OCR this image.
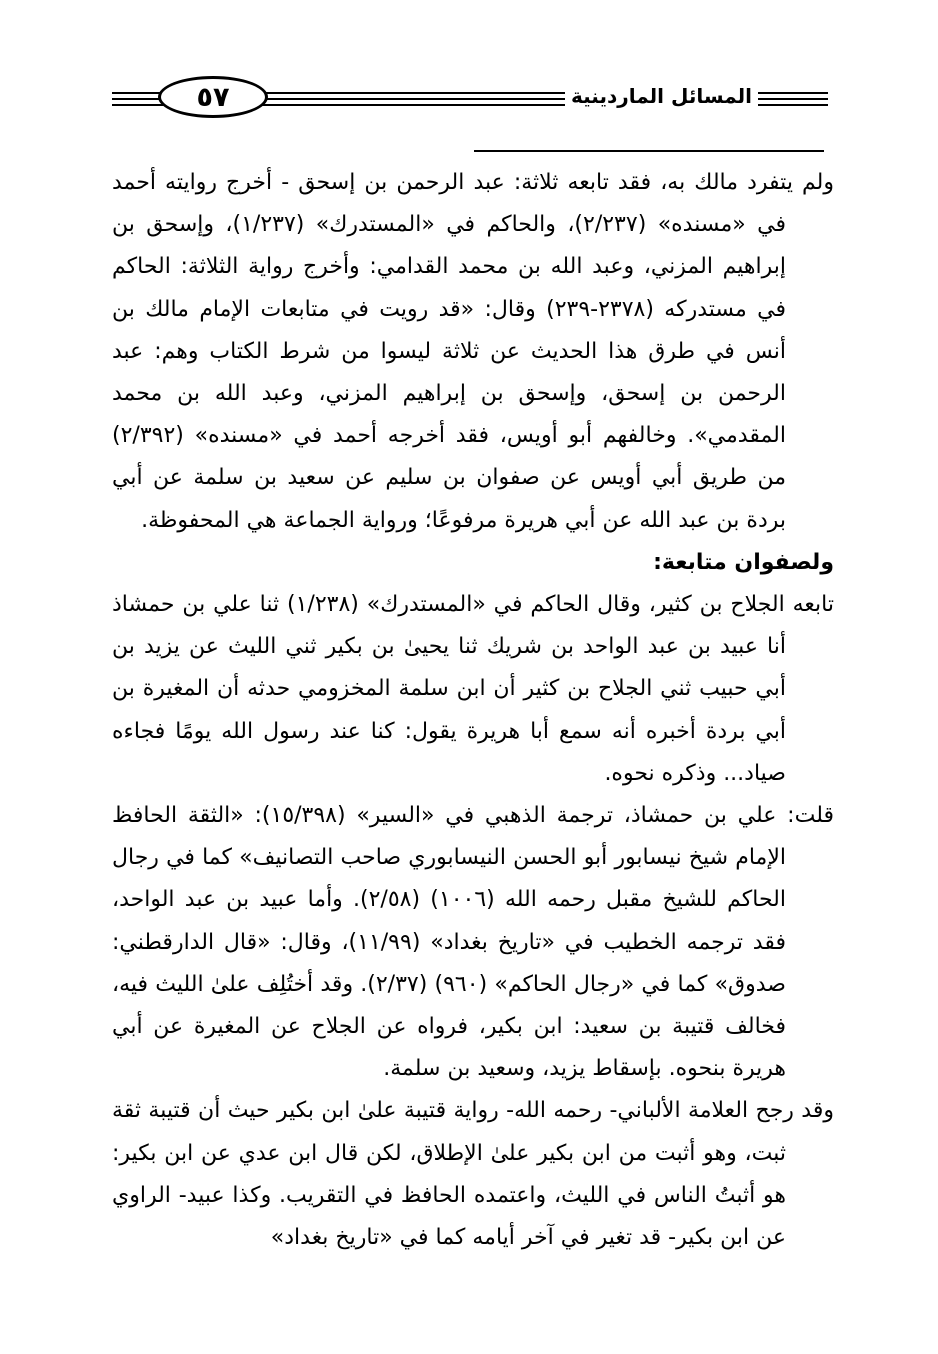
المسائل الماردينية
٥٧

ولم يتفرد مالك به، فقد تابعه ثلاثة: عبد الرحمن بن إسحق - أخرج روايته أحمد في «مسنده» (٢/٢٣٧)، والحاكم في «المستدرك» (١/٢٣٧)، وإسحق بن إبراهيم المزني، وعبد الله بن محمد القدامي: وأخرج رواية الثلاثة: الحاكم في مستدركه (٢٣٧٨-٢٣٩) وقال: «قد رويت في متابعات الإمام مالك بن أنس في طرق هذا الحديث عن ثلاثة ليسوا من شرط الكتاب وهم: عبد الرحمن بن إسحق، وإسحق بن إبراهيم المزني، وعبد الله بن محمد المقدمي». وخالفهم أبو أويس، فقد أخرجه أحمد في «مسنده» (٢/٣٩٢) من طريق أبي أويس عن صفوان بن سليم عن سعيد بن سلمة عن أبي بردة بن عبد الله عن أبي هريرة مرفوعًا؛ ورواية الجماعة هي المحفوظة.

ولصفوان متابعة:

تابعه الجلاح بن كثير، وقال الحاكم في «المستدرك» (١/٢٣٨) ثنا علي بن حمشاذ أنا عبيد بن عبد الواحد بن شريك ثنا يحيىٰ بن بكير ثني الليث عن يزيد بن أبي حبيب ثني الجلاح بن كثير أن ابن سلمة المخزومي حدثه أن المغيرة بن أبي بردة أخبره أنه سمع أبا هريرة يقول: كنا عند رسول الله يومًا فجاءه صياد... وذكره نحوه.

قلت: علي بن حمشاذ، ترجمة الذهبي في «السير» (١٥/٣٩٨): «الثقة الحافظ الإمام شيخ نيسابور أبو الحسن النيسابوري صاحب التصانيف» كما في رجال الحاكم للشيخ مقبل رحمه الله (١٠٠٦) (٢/٥٨). وأما عبيد بن عبد الواحد، فقد ترجمه الخطيب في «تاريخ بغداد» (١١/٩٩)، وقال: «قال الدارقطني: صدوق» كما في «رجال الحاكم» (٩٦٠) (٢/٣٧). وقد أختُلِف علىٰ الليث فيه، فخالف قتيبة بن سعيد: ابن بكير، فرواه عن الجلاح عن المغيرة عن أبي هريرة بنحوه. بإسقاط يزيد، وسعيد بن سلمة.

وقد رجح العلامة الألباني- رحمه الله- رواية قتيبة علىٰ ابن بكير حيث أن قتيبة ثقة ثبت، وهو أثبت من ابن بكير علىٰ الإطلاق، لكن قال ابن عدي عن ابن بكير: هو أثبتُ الناس في الليث، واعتمده الحافظ في التقريب. وكذا عبيد- الراوي عن ابن بكير- قد تغير في آخر أيامه كما في «تاريخ بغداد»
